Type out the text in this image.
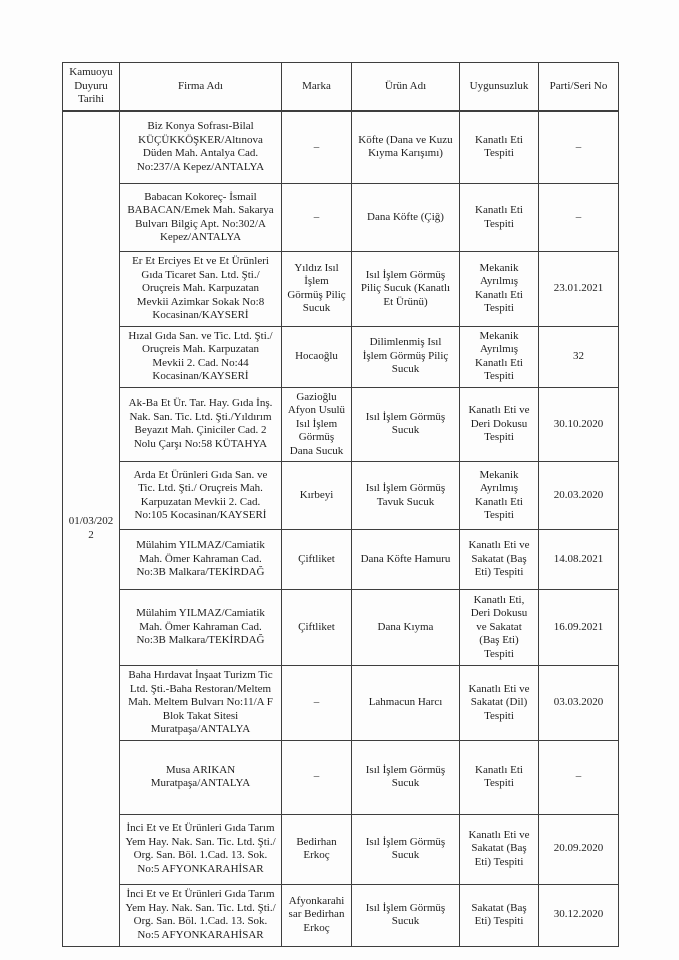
Kamuoyu Duyuru Tarihi	Firma Adı	Marka	Ürün Adı	Uygunsuzluk	Parti/Seri No
01/03/2022	Biz Konya Sofrası-Bilal KÜÇÜKKÖŞKER/Altınova Düden Mah. Antalya Cad. No:237/A Kepez/ANTALYA	–	Köfte (Dana ve Kuzu Kıyma Karışımı)	Kanatlı Eti Tespiti	–
	Babacan Kokoreç- İsmail BABACAN/Emek Mah. Sakarya Bulvarı Bilgiç Apt. No:302/A Kepez/ANTALYA	–	Dana Köfte (Çiğ)	Kanatlı Eti Tespiti	–
	Er Et Erciyes Et ve Et Ürünleri Gıda Ticaret San. Ltd. Şti./ Oruçreis Mah. Karpuzatan Mevkii Azimkar Sokak No:8 Kocasinan/KAYSERİ	Yıldız Isıl İşlem Görmüş Piliç Sucuk	Isıl İşlem Görmüş Piliç Sucuk (Kanatlı Et Ürünü)	Mekanik Ayrılmış Kanatlı Eti Tespiti	23.01.2021
	Hızal Gıda San. ve Tic. Ltd. Şti./ Oruçreis Mah. Karpuzatan Mevkii 2. Cad. No:44 Kocasinan/KAYSERİ	Hocaoğlu	Dilimlenmiş Isıl İşlem Görmüş Piliç Sucuk	Mekanik Ayrılmış Kanatlı Eti Tespiti	32
	Ak-Ba Et Ür. Tar. Hay. Gıda İnş. Nak. San. Tic. Ltd. Şti./Yıldırım Beyazıt Mah. Çiniciler Cad. 2 Nolu Çarşı No:58 KÜTAHYA	Gazioğlu Afyon Usulü Isıl İşlem Görmüş Dana Sucuk	Isıl İşlem Görmüş Sucuk	Kanatlı Eti ve Deri Dokusu Tespiti	30.10.2020
	Arda Et Ürünleri Gıda San. ve Tic. Ltd. Şti./ Oruçreis Mah. Karpuzatan Mevkii 2. Cad. No:105 Kocasinan/KAYSERİ	Kırbeyi	Isıl İşlem Görmüş Tavuk Sucuk	Mekanik Ayrılmış Kanatlı Eti Tespiti	20.03.2020
	Mülahim YILMAZ/Camiatik Mah. Ömer Kahraman Cad. No:3B Malkara/TEKİRDAĞ	Çiftliket	Dana Köfte Hamuru	Kanatlı Eti ve Sakatat (Baş Eti) Tespiti	14.08.2021
	Mülahim YILMAZ/Camiatik Mah. Ömer Kahraman Cad. No:3B Malkara/TEKİRDAĞ	Çiftliket	Dana Kıyma	Kanatlı Eti, Deri Dokusu ve Sakatat (Baş Eti) Tespiti	16.09.2021
	Baha Hırdavat İnşaat Turizm Tic Ltd. Şti.-Baha Restoran/Meltem Mah. Meltem Bulvarı No:11/A F Blok Takat Sitesi Muratpaşa/ANTALYA	–	Lahmacun Harcı	Kanatlı Eti ve Sakatat (Dil) Tespiti	03.03.2020
	Musa ARIKAN Muratpaşa/ANTALYA	–	Isıl İşlem Görmüş Sucuk	Kanatlı Eti Tespiti	–
	İnci Et ve Et Ürünleri Gıda Tarım Yem Hay. Nak. San. Tic. Ltd. Şti./ Org. San. Böl. 1.Cad. 13. Sok. No:5 AFYONKARAHİSAR	Bedirhan Erkoç	Isıl İşlem Görmüş Sucuk	Kanatlı Eti ve Sakatat (Baş Eti) Tespiti	20.09.2020
	İnci Et ve Et Ürünleri Gıda Tarım Yem Hay. Nak. San. Tic. Ltd. Şti./ Org. San. Böl. 1.Cad. 13. Sok. No:5 AFYONKARAHİSAR	Afyonkarahisar Bedirhan Erkoç	Isıl İşlem Görmüş Sucuk	Sakatat (Baş Eti) Tespiti	30.12.2020
